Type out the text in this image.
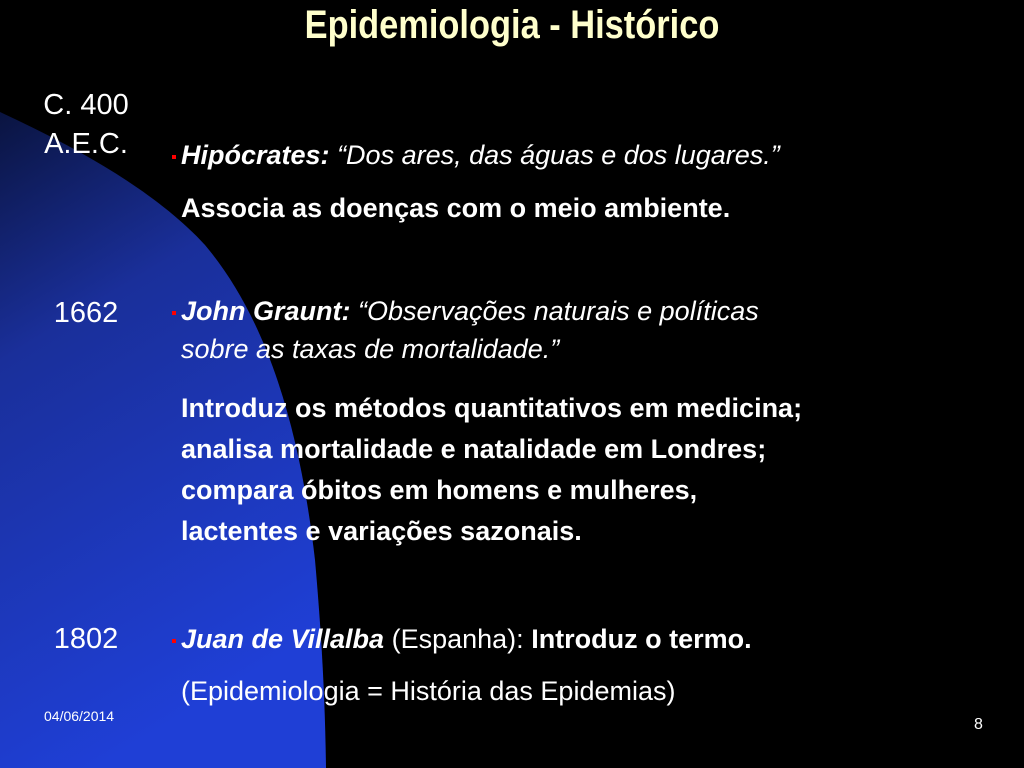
Epidemiologia - Histórico
C. 400
A.E.C.	Hipócrates: “Dos ares, das águas e dos lugares.”
Associa as doenças com o meio ambiente.
1662	John Graunt: “Observações naturais e políticas
sobre as taxas de mortalidade.”
Introduz os métodos quantitativos em medicina;
analisa mortalidade e natalidade em Londres;
compara óbitos em homens e mulheres,
lactentes e variações sazonais.
1802	Juan de Villalba (Espanha): Introduz o termo.
(Epidemiologia = História das Epidemias)
04/06/2014	8
